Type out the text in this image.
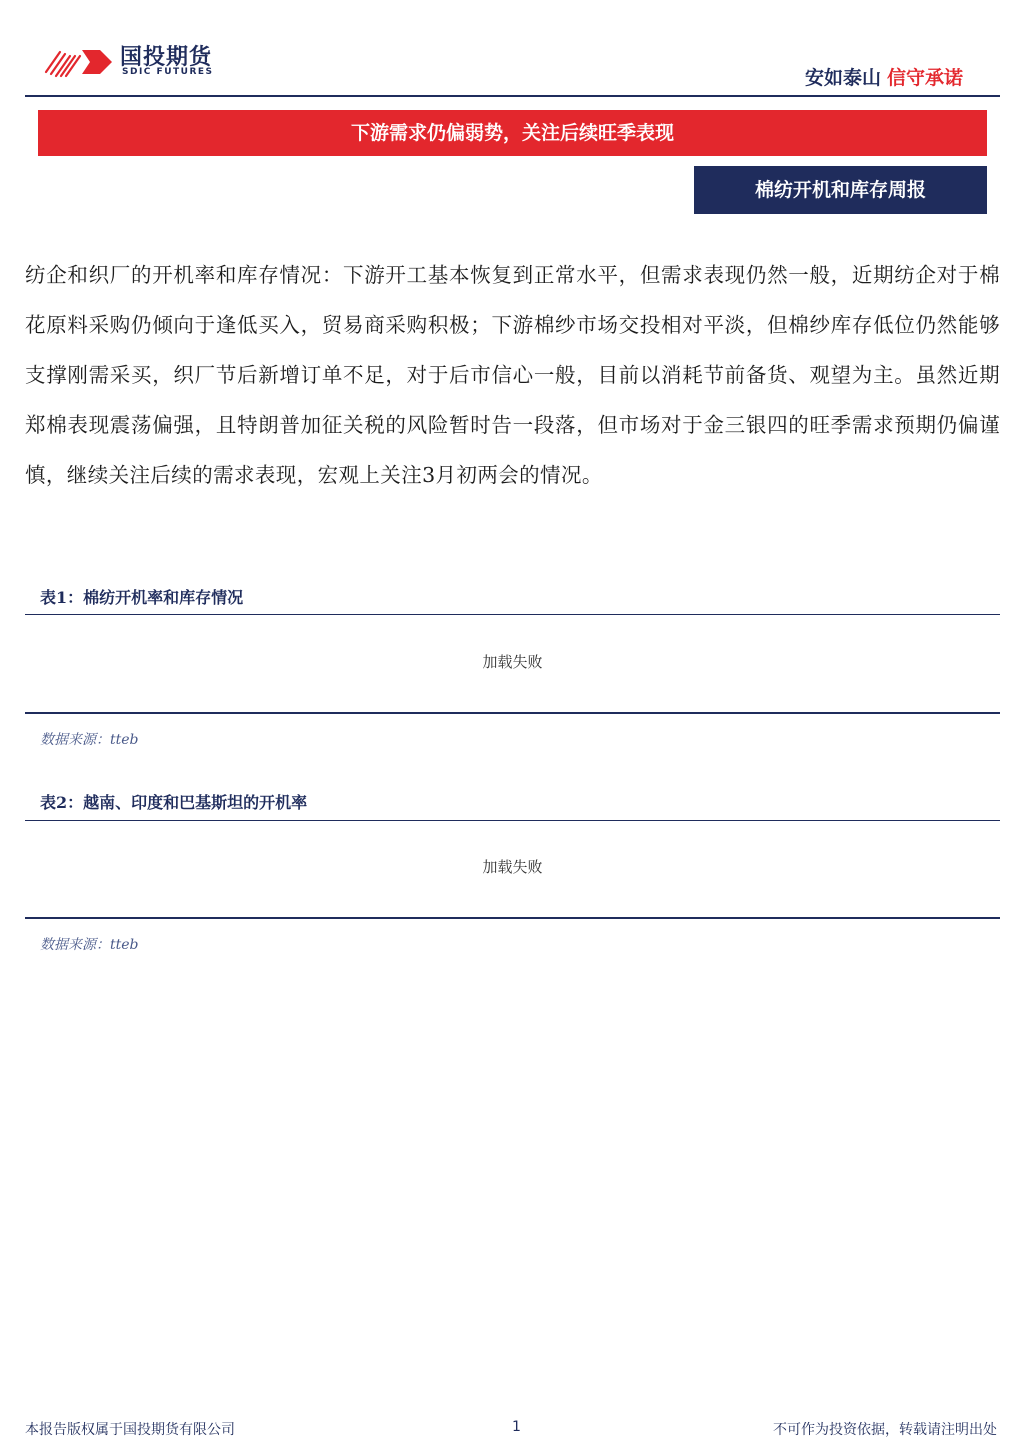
国投期货
SDIC FUTURES	安如泰山 信守承诺
下游需求仍偏弱势，关注后续旺季表现
棉纺开机和库存周报
纺企和织厂的开机率和库存情况：下游开工基本恢复到正常水平，但需求表现仍然一般，近期纺企对于棉花原料采购仍倾向于逢低买入，贸易商采购积极；下游棉纱市场交投相对平淡，但棉纱库存低位仍然能够支撑刚需采买，织厂节后新增订单不足，对于后市信心一般，目前以消耗节前备货、观望为主。虽然近期郑棉表现震荡偏强，且特朗普加征关税的风险暂时告一段落，但市场对于金三银四的旺季需求预期仍偏谨慎，继续关注后续的需求表现，宏观上关注3月初两会的情况。
表1：棉纺开机率和库存情况
加载失败
数据来源：tteb
表2：越南、印度和巴基斯坦的开机率
加载失败
数据来源：tteb
本报告版权属于国投期货有限公司	1	不可作为投资依据，转载请注明出处
